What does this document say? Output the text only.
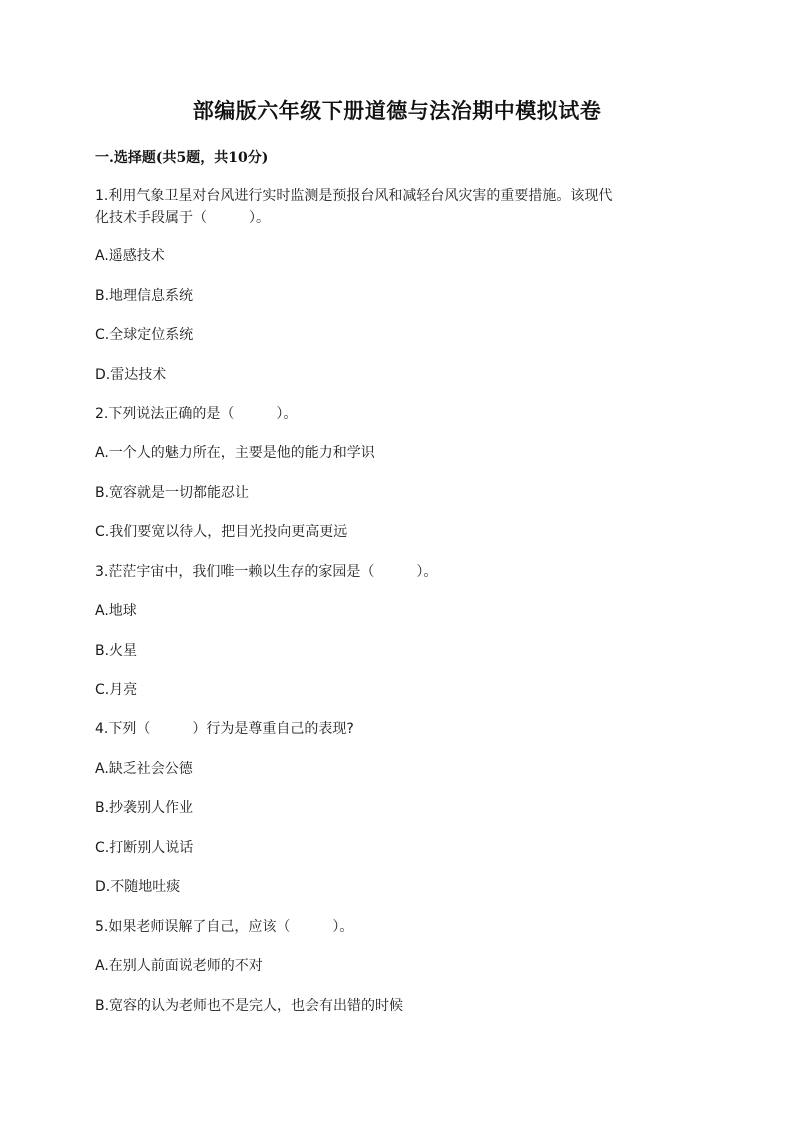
部编版六年级下册道德与法治期中模拟试卷
一.选择题(共5题，共10分)
1.利用气象卫星对台风进行实时监测是预报台风和减轻台风灾害的重要措施。该现代
化技术手段属于（　　　）。
A.遥感技术
B.地理信息系统
C.全球定位系统
D.雷达技术
2.下列说法正确的是（　　　）。
A.一个人的魅力所在，主要是他的能力和学识
B.宽容就是一切都能忍让
C.我们要宽以待人，把目光投向更高更远
3.茫茫宇宙中，我们唯一赖以生存的家园是（　　　）。
A.地球
B.火星
C.月亮
4.下列（　　　）行为是尊重自己的表现?
A.缺乏社会公德
B.抄袭别人作业
C.打断别人说话
D.不随地吐痰
5.如果老师误解了自己，应该（　　　）。
A.在别人前面说老师的不对
B.宽容的认为老师也不是完人，也会有出错的时候
